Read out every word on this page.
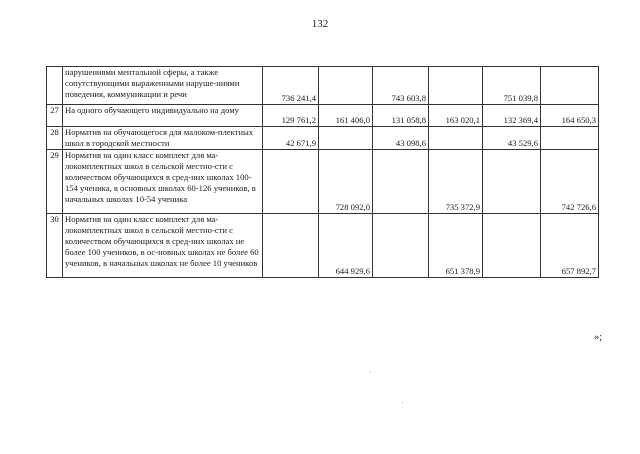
132
	нарушениями ментальной сферы, а также сопутствующими выраженными наруше-ниями поведения, коммуникации и речи	736 241,4		743 603,8		751 039,8	
27	На одного обучающего индивидуально на дому	129 761,2	161 406,0	131 058,8	163 020,1	132 369,4	164 650,3
28	Норматив на обучающегося для малоком-плектных школ в городской местности	42 671,9		43 098,6		43 529,6	
29	Норматив на один класс комплект для ма-локомплектных школ в сельской местно-сти с количеством обучающихся в сред-них школах 100-154 ученика, в основных школах 60-126 учеников, в начальных школах 10-54 ученика		728 092,0		735 372,9		742 726,6
30	Норматив на один класс комплект для ма-локомплектных школ в сельской местно-сти с количеством обучающихся в сред-них школах не более 100 учеников, в ос-новных школах не более 60 учеников, в начальных школах не более 10 учеников		644 929,6		651 378,9		657 892,7
»;
